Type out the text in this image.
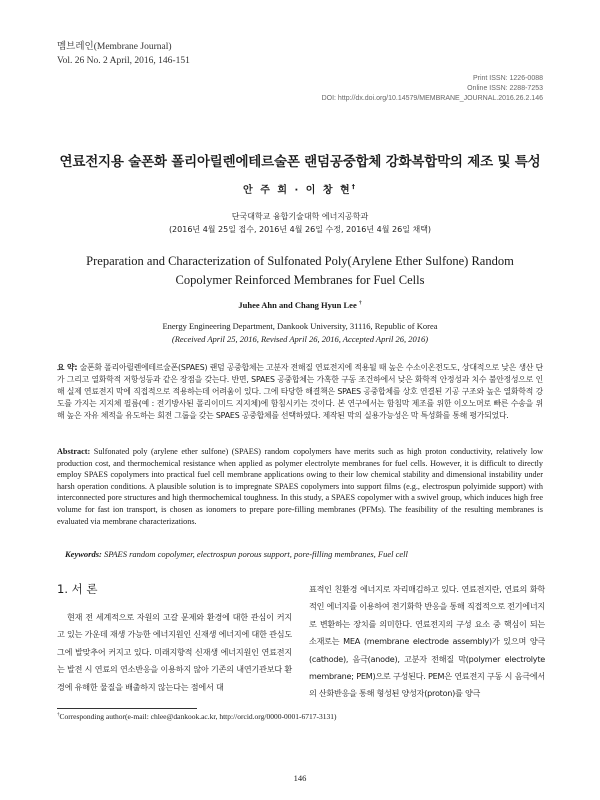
멤브레인(Membrane Journal)
Vol. 26 No. 2 April, 2016, 146-151
Print ISSN: 1226-0088
Online ISSN: 2288-7253
DOI: http://dx.doi.org/10.14579/MEMBRANE_JOURNAL.2016.26.2.146
연료전지용 술폰화 폴리아릴렌에테르술폰 랜덤공중합체 강화복합막의 제조 및 특성
안 주 희 · 이 창 현†
단국대학교 융합기술대학 에너지공학과
(2016년 4월 25일 접수, 2016년 4월 26일 수정, 2016년 4월 26일 채택)
Preparation and Characterization of Sulfonated Poly(Arylene Ether Sulfone) Random
Copolymer Reinforced Membranes for Fuel Cells
Juhee Ahn and Chang Hyun Lee †
Energy Engineering Department, Dankook University, 31116, Republic of Korea
(Received April 25, 2016, Revised April 26, 2016, Accepted April 26, 2016)

요 약: 술폰화 폴리아릴렌에테르술폰(SPAES) 랜덤 공중합체는 고분자 전해질 연료전지에 적용될 때 높은 수소이온전도도, 상대적으로 낮은 생산 단가 그리고 열화학적 저항성등과 같은 장점을 갖는다. 반면, SPAES 공중합체는 가혹한 구동 조건하에서 낮은 화학적 안정성과 치수 불안정성으로 인해 실제 연료전지 막에 직접적으로 적용하는데 어려움이 있다. 그에 타당한 해결책은 SPAES 공중합체를 상호 연결된 기공 구조와 높은 열화학적 강도를 가지는 지지체 필름(예 : 전기방사된 폴리이미드 지지체)에 함침시키는 것이다. 본 연구에서는 함침막 제조를 위한 이오노머로 빠른 수송을 위해 높은 자유 체적을 유도하는 회전 그룹을 갖는 SPAES 공중합체를 선택하였다. 제작된 막의 실용가능성은 막 특성화를 통해 평가되었다.

Abstract: Sulfonated poly (arylene ether sulfone) (SPAES) random copolymers have merits such as high proton conductivity, relatively low production cost, and thermochemical resistance when applied as polymer electrolyte membranes for fuel cells. However, it is difficult to directly employ SPAES copolymers into practical fuel cell membrane applications owing to their low chemical stability and dimensional instability under harsh operation conditions. A plausible solution is to impregnate SPAES copolymers into support films (e.g., electrospun polyimide support) with interconnected pore structures and high thermochemical toughness. In this study, a SPAES copolymer with a swivel group, which induces high free volume for fast ion transport, is chosen as ionomers to prepare pore-filling membranes (PFMs). The feasibility of the resulting membranes is evaluated via membrane characterizations.

Keywords: SPAES random copolymer, electrospun porous support, pore-filling membranes, Fuel cell
1. 서 론

현재 전 세계적으로 자원의 고갈 문제와 환경에 대한 관심이 커지고 있는 가운데 재생 가능한 에너지원인 신재생 에너지에 대한 관심도 그에 발맞추어 커지고 있다. 미래지향적 신재생 에너지원인 연료전지는 발전 시 연료의 연소반응을 이용하지 않아 기존의 내연기관보다 환경에 유해한 물질을 배출하지 않는다는 점에서 대

표적인 친환경 에너지로 자리매김하고 있다. 연료전지란, 연료의 화학적인 에너지를 이용하여 전기화학 반응을 통해 직접적으로 전기에너지로 변환하는 장치를 의미한다. 연료전지의 구성 요소 중 핵심이 되는 소재로는 MEA (membrane electrode assembly)가 있으며 양극(cathode), 음극(anode), 고분자 전해질 막(polymer electrolyte membrane; PEM)으로 구성된다. PEM은 연료전지 구동 시 음극에서의 산화반응을 통해 형성된 양성자(proton)를 양극

†Corresponding author(e-mail: chlee@dankook.ac.kr, http://orcid.org/0000-0001-6717-3131)
146
